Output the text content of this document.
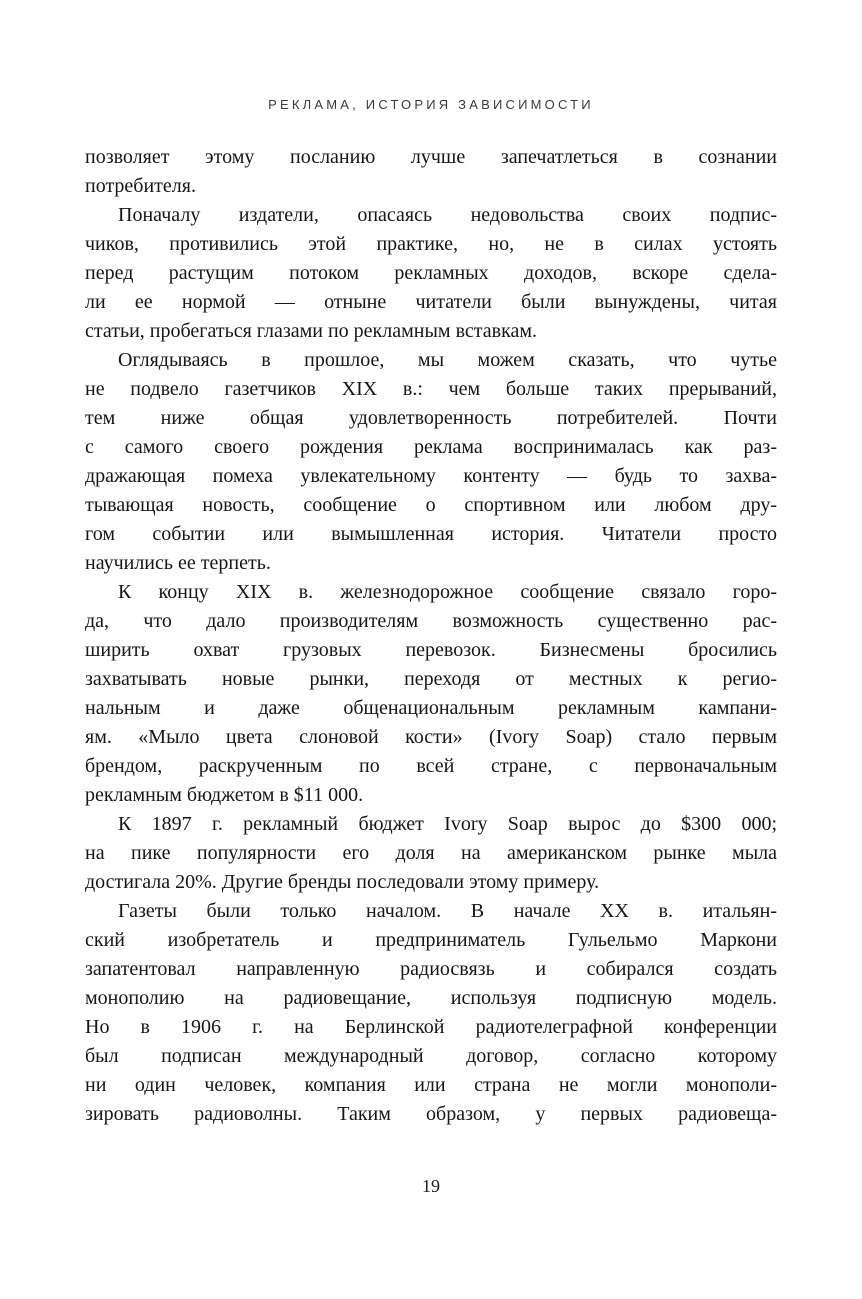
РЕКЛАМА, ИСТОРИЯ ЗАВИСИМОСТИ
позволяет этому посланию лучше запечатлеться в сознании
потребителя.
Поначалу издатели, опасаясь недовольства своих подпис-
чиков, противились этой практике, но, не в силах устоять
перед растущим потоком рекламных доходов, вскоре сдела-
ли ее нормой — отныне читатели были вынуждены, читая
статьи, пробегаться глазами по рекламным вставкам.
Оглядываясь в прошлое, мы можем сказать, что чутье
не подвело газетчиков XIX в.: чем больше таких прерываний,
тем ниже общая удовлетворенность потребителей. Почти
с самого своего рождения реклама воспринималась как раз-
дражающая помеха увлекательному контенту — будь то захва-
тывающая новость, сообщение о спортивном или любом дру-
гом событии или вымышленная история. Читатели просто
научились ее терпеть.
К концу XIX в. железнодорожное сообщение связало горо-
да, что дало производителям возможность существенно рас-
ширить охват грузовых перевозок. Бизнесмены бросились
захватывать новые рынки, переходя от местных к регио-
нальным и даже общенациональным рекламным кампани-
ям. «Мыло цвета слоновой кости» (Ivory Soap) стало первым
брендом, раскрученным по всей стране, с первоначальным
рекламным бюджетом в $11 000.
К 1897 г. рекламный бюджет Ivory Soap вырос до $300 000;
на пике популярности его доля на американском рынке мыла
достигала 20%. Другие бренды последовали этому примеру.
Газеты были только началом. В начале XX в. итальян-
ский изобретатель и предприниматель Гульельмо Маркони
запатентовал направленную радиосвязь и собирался создать
монополию на радиовещание, используя подписную модель.
Но в 1906 г. на Берлинской радиотелеграфной конференции
был подписан международный договор, согласно которому
ни один человек, компания или страна не могли монополи-
зировать радиоволны. Таким образом, у первых радиовеща-
19
